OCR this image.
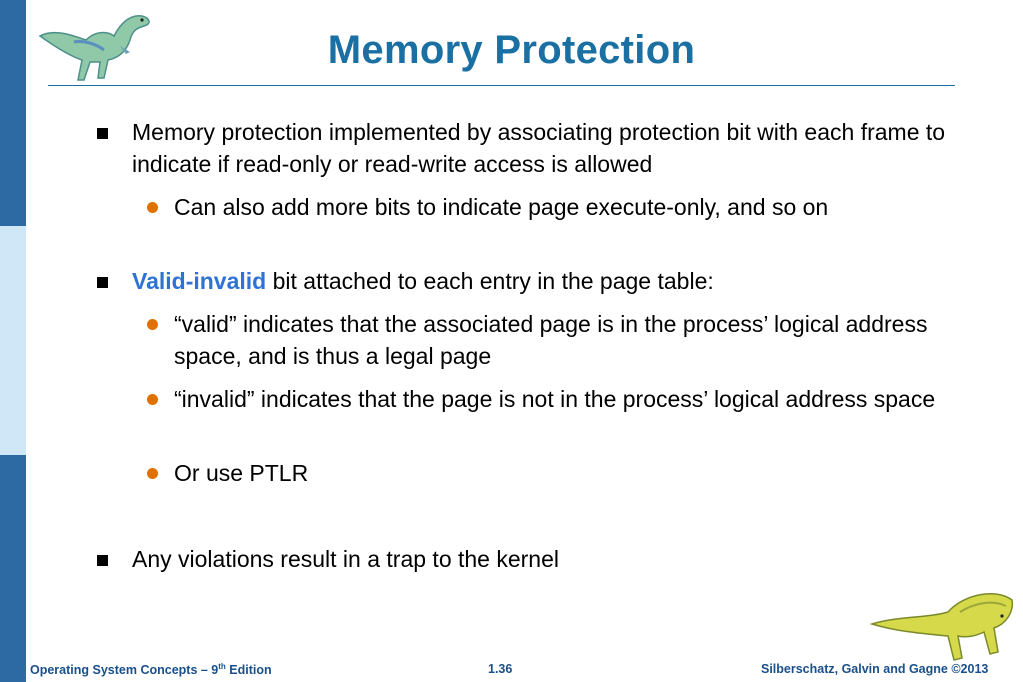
Memory Protection
Memory protection implemented by associating protection bit with each frame to indicate if read-only or read-write access is allowed
Can also add more bits to indicate page execute-only, and so on
Valid-invalid bit attached to each entry in the page table:
“valid” indicates that the associated page is in the process’ logical address space, and is thus a legal page
“invalid” indicates that the page is not in the process’ logical address space
Or use PTLR
Any violations result in a trap to the kernel
Operating System Concepts – 9th Edition	1.36	Silberschatz, Galvin and Gagne ©2013
